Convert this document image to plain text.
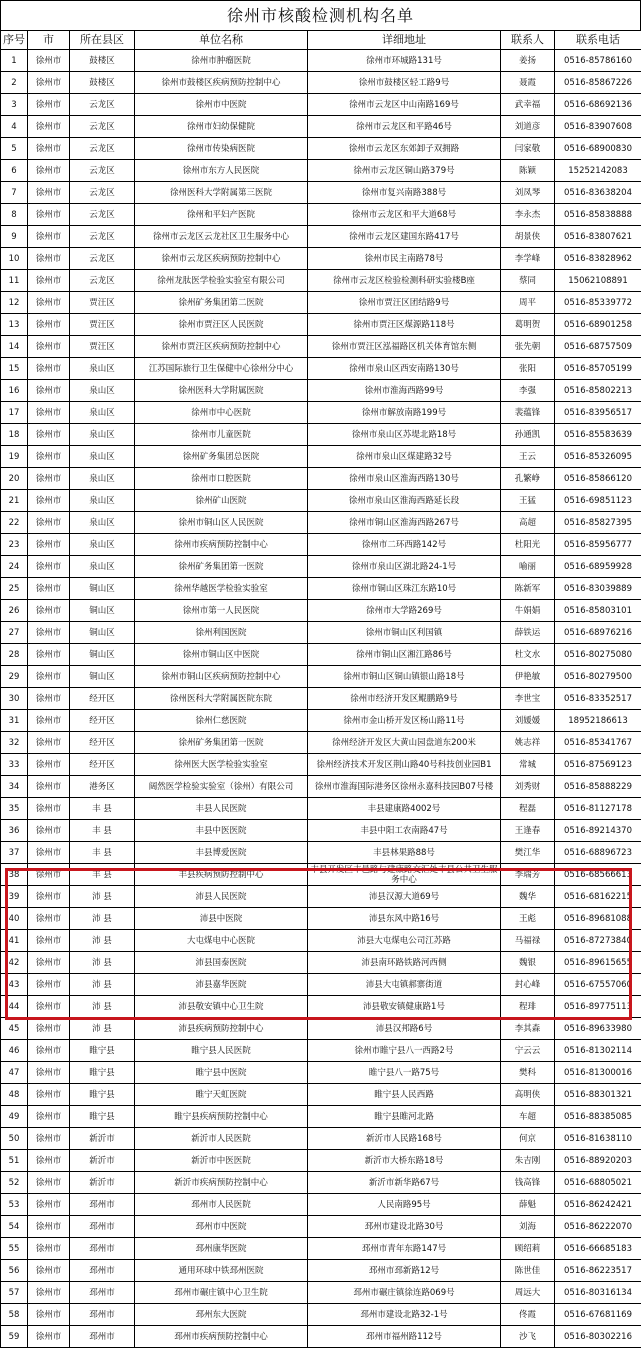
徐州市核酸检测机构名单
序号	市	所在县区	单位名称	详细地址	联系人	联系电话
1	徐州市	鼓楼区	徐州市肿瘤医院	徐州市环城路131号	姜扬	0516-85786160
2	徐州市	鼓楼区	徐州市鼓楼区疾病预防控制中心	徐州市鼓楼区轻工路9号	聂霞	0516-85867226
3	徐州市	云龙区	徐州市中医院	徐州市云龙区中山南路169号	武幸福	0516-68692136
4	徐州市	云龙区	徐州市妇幼保健院	徐州市云龙区和平路46号	刘道彦	0516-83907608
5	徐州市	云龙区	徐州市传染病医院	徐州市云龙区东郊卸子双拥路	闫家敬	0516-68900830
6	徐州市	云龙区	徐州市东方人民医院	徐州市云龙区铜山路379号	陈颖	15252142083
7	徐州市	云龙区	徐州医科大学附属第三医院	徐州市复兴南路388号	刘凤琴	0516-83638204
8	徐州市	云龙区	徐州和平妇产医院	徐州市云龙区和平大道68号	李永杰	0516-85838888
9	徐州市	云龙区	徐州市云龙区云龙社区卫生服务中心	徐州市云龙区建国东路417号	胡景侠	0516-83807621
10	徐州市	云龙区	徐州市云龙区疾病预防控制中心	徐州市民主南路78号	李学峰	0516-83828962
11	徐州市	云龙区	徐州龙肽医学检验实验室有限公司	徐州市云龙区检验检测科研实验楼B座	蔡同	15062108891
12	徐州市	贾汪区	徐州矿务集团第二医院	徐州市贾汪区团结路9号	周平	0516-85339772
13	徐州市	贾汪区	徐州市贾汪区人民医院	徐州市贾汪区煤源路118号	葛明贺	0516-68901258
14	徐州市	贾汪区	徐州市贾汪区疾病预防控制中心	徐州市贾汪区泓福路区机关体育馆东侧	张先朝	0516-68757509
15	徐州市	泉山区	江苏国际旅行卫生保健中心徐州分中心	徐州市泉山区西安南路130号	张阳	0516-85705199
16	徐州市	泉山区	徐州医科大学附属医院	徐州市淮海西路99号	李强	0516-85802213
17	徐州市	泉山区	徐州市中心医院	徐州市解放南路199号	裴蕴锋	0516-83956517
18	徐州市	泉山区	徐州市儿童医院	徐州市泉山区苏堤北路18号	孙通凯	0516-85583639
19	徐州市	泉山区	徐州矿务集团总医院	徐州市泉山区煤建路32号	王云	0516-85326095
20	徐州市	泉山区	徐州市口腔医院	徐州市泉山区淮海西路130号	孔繁峥	0516-85866120
21	徐州市	泉山区	徐州矿山医院	徐州市泉山区淮海西路延长段	王猛	0516-69851123
22	徐州市	泉山区	徐州市铜山区人民医院	徐州市铜山区淮海西路267号	高超	0516-85827395
23	徐州市	泉山区	徐州市疾病预防控制中心	徐州市二环西路142号	杜阳光	0516-85956777
24	徐州市	泉山区	徐州矿务集团第一医院	徐州市泉山区湖北路24-1号	喻丽	0516-68959928
25	徐州市	铜山区	徐州华越医学检验实验室	徐州市铜山区珠江东路10号	陈新军	0516-83039889
26	徐州市	铜山区	徐州市第一人民医院	徐州市大学路269号	牛娟娟	0516-85803101
27	徐州市	铜山区	徐州利国医院	徐州市铜山区利国镇	薛铁运	0516-68976216
28	徐州市	铜山区	徐州市铜山区中医院	徐州市铜山区湘江路86号	杜文水	0516-80275080
29	徐州市	铜山区	徐州市铜山区疾病预防控制中心	徐州市铜山区铜山镇银山路18号	伊艳敏	0516-80279500
30	徐州市	经开区	徐州医科大学附属医院东院	徐州市经济开发区鲲鹏路9号	李世宝	0516-83352517
31	徐州市	经开区	徐州仁慈医院	徐州市金山桥开发区杨山路11号	刘媛媛	18952186613
32	徐州市	经开区	徐州矿务集团第一医院	徐州经济开发区大黄山园盘道东200米	姚志祥	0516-85341767
33	徐州市	经开区	徐州医大医学检验实验室	徐州经济技术开发区荆山路40号科技创业园B1	常城	0516-87569123
34	徐州市	港务区	阔然医学检验实验室（徐州）有限公司	徐州市淮海国际港务区徐州永嘉科技园B07号楼	刘秀财	0516-85888229
35	徐州市	丰 县	丰县人民医院	丰县建康路4002号	程磊	0516-81127178
36	徐州市	丰 县	丰县中医医院	丰县中阳工农南路47号	王逢春	0516-89214370
37	徐州市	丰 县	丰县博爱医院	丰县林果路88号	樊江华	0516-68896723
38	徐州市	丰 县	丰县疾病预防控制中心	丰县开发区丰邑路与建康路交汇处丰县公共卫生服务中心	李瑞芳	0516-68566613
39	徐州市	沛 县	沛县人民医院	沛县汉源大道69号	魏华	0516-68162215
40	徐州市	沛 县	沛县中医院	沛县东风中路16号	王彪	0516-89681088
41	徐州市	沛 县	大屯煤电中心医院	沛县大屯煤电公司江苏路	马福禄	0516-87273840
42	徐州市	沛 县	沛县国泰医院	沛县南环路铁路河西侧	魏银	0516-89615655
43	徐州市	沛 县	沛县嘉华医院	沛县大屯镇郝寨街道	封心峰	0516-67557060
44	徐州市	沛 县	沛县敬安镇中心卫生院	沛县敬安镇健康路1号	程琲	0516-89775113
45	徐州市	沛 县	沛县疾病预防控制中心	沛县汉邦路6号	李其森	0516-89633980
46	徐州市	睢宁县	睢宁县人民医院	徐州市睢宁县八一西路2号	宁云云	0516-81302114
47	徐州市	睢宁县	睢宁县中医院	睢宁县八一路75号	樊科	0516-81300016
48	徐州市	睢宁县	睢宁天虹医院	睢宁县人民西路	高明侠	0516-88301321
49	徐州市	睢宁县	睢宁县疾病预防控制中心	睢宁县睢河北路	车超	0516-88385085
50	徐州市	新沂市	新沂市人民医院	新沂市人民路168号	何京	0516-81638110
51	徐州市	新沂市	新沂市中医医院	新沂市大桥东路18号	朱吉刚	0516-88920203
52	徐州市	新沂市	新沂市疾病预防控制中心	新沂市新华路67号	钱高锋	0516-68805021
53	徐州市	邳州市	邳州市人民医院	人民南路95号	薛魁	0516-86242421
54	徐州市	邳州市	邳州市中医院	邳州市建设北路30号	刘海	0516-86222070
55	徐州市	邳州市	邳州康华医院	邳州市青年东路147号	顾绍莉	0516-66685183
56	徐州市	邳州市	通用环球中铁邳州医院	邳州市邳新路12号	陈世佳	0516-86223517
57	徐州市	邳州市	邳州市碾庄镇中心卫生院	邳州市碾庄镇徐连路069号	周远大	0516-80316134
58	徐州市	邳州市	邳州东大医院	邳州市建设北路32-1号	佟霞	0516-67681169
59	徐州市	邳州市	邳州市疾病预防控制中心	邳州市福州路112号	沙飞	0516-80302216
